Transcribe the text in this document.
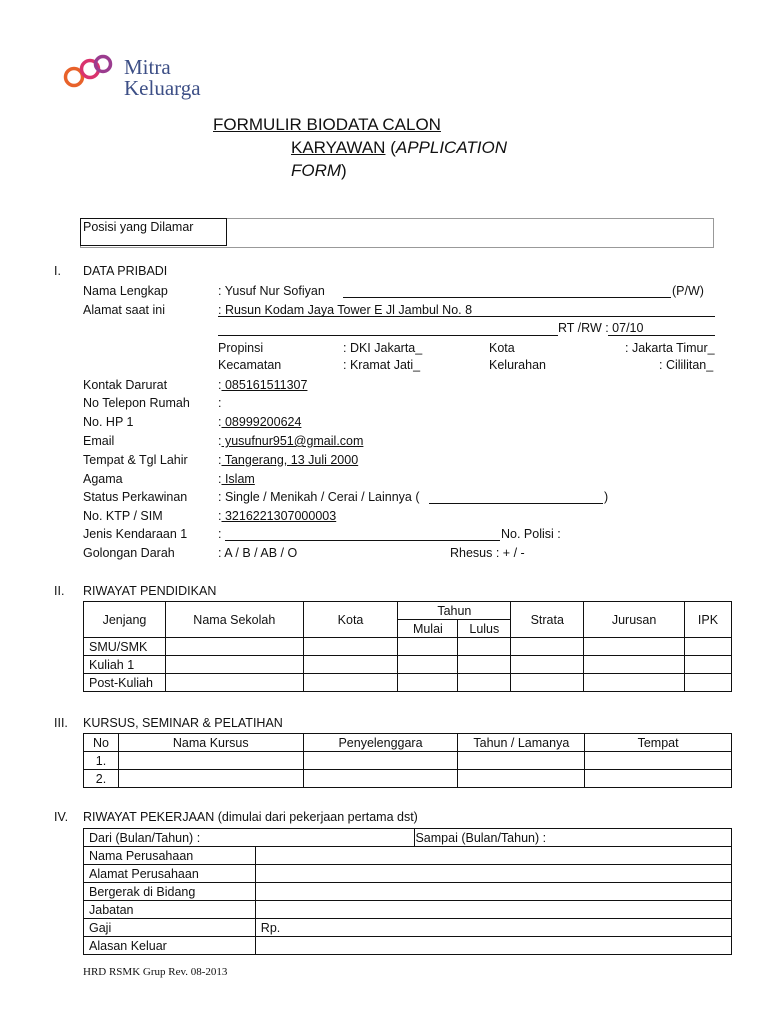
Mitra
Keluarga
FORMULIR BIODATA CALON
KARYAWAN (APPLICATION
FORM)
Posisi yang Dilamar
I. DATA PRIBADI
Nama Lengkap	: Yusuf Nur Sofiyan	(P/W)
Alamat saat ini	: Rusun Kodam Jaya Tower E Jl Jambul No. 8
RT /RW : 07/10
Propinsi	: DKI Jakarta_	Kota	: Jakarta Timur_
Kecamatan	: Kramat Jati_	Kelurahan	: Cililitan_
Kontak Darurat	: 085161511307
No Telepon Rumah :
No. HP 1	: 08999200624
Email	: yusufnur951@gmail.com
Tempat & Tgl Lahir : Tangerang, 13 Juli 2000
Agama	: Islam
Status Perkawinan : Single / Menikah / Cerai / Lainnya (	)
No. KTP / SIM	: 3216221307000003
Jenis Kendaraan 1 :	No. Polisi :
Golongan Darah	: A / B / AB / O	Rhesus : + / -
II. RIWAYAT PENDIDIKAN
Jenjang	Nama Sekolah	Kota	Tahun		Strata	Jurusan	IPK
			Mulai	Lulus			
SMU/SMK							
Kuliah 1							
Post-Kuliah							
III. KURSUS, SEMINAR & PELATIHAN
No	Nama Kursus	Penyelenggara	Tahun / Lamanya	Tempat
1.				
2.				
IV. RIWAYAT PEKERJAAN (dimulai dari pekerjaan pertama dst)
Dari (Bulan/Tahun) :		Sampai (Bulan/Tahun) :
Nama Perusahaan		
Alamat Perusahaan		
Bergerak di Bidang		
Jabatan		
Gaji	Rp.	
Alasan Keluar		
HRD RSMK Grup Rev. 08-2013
